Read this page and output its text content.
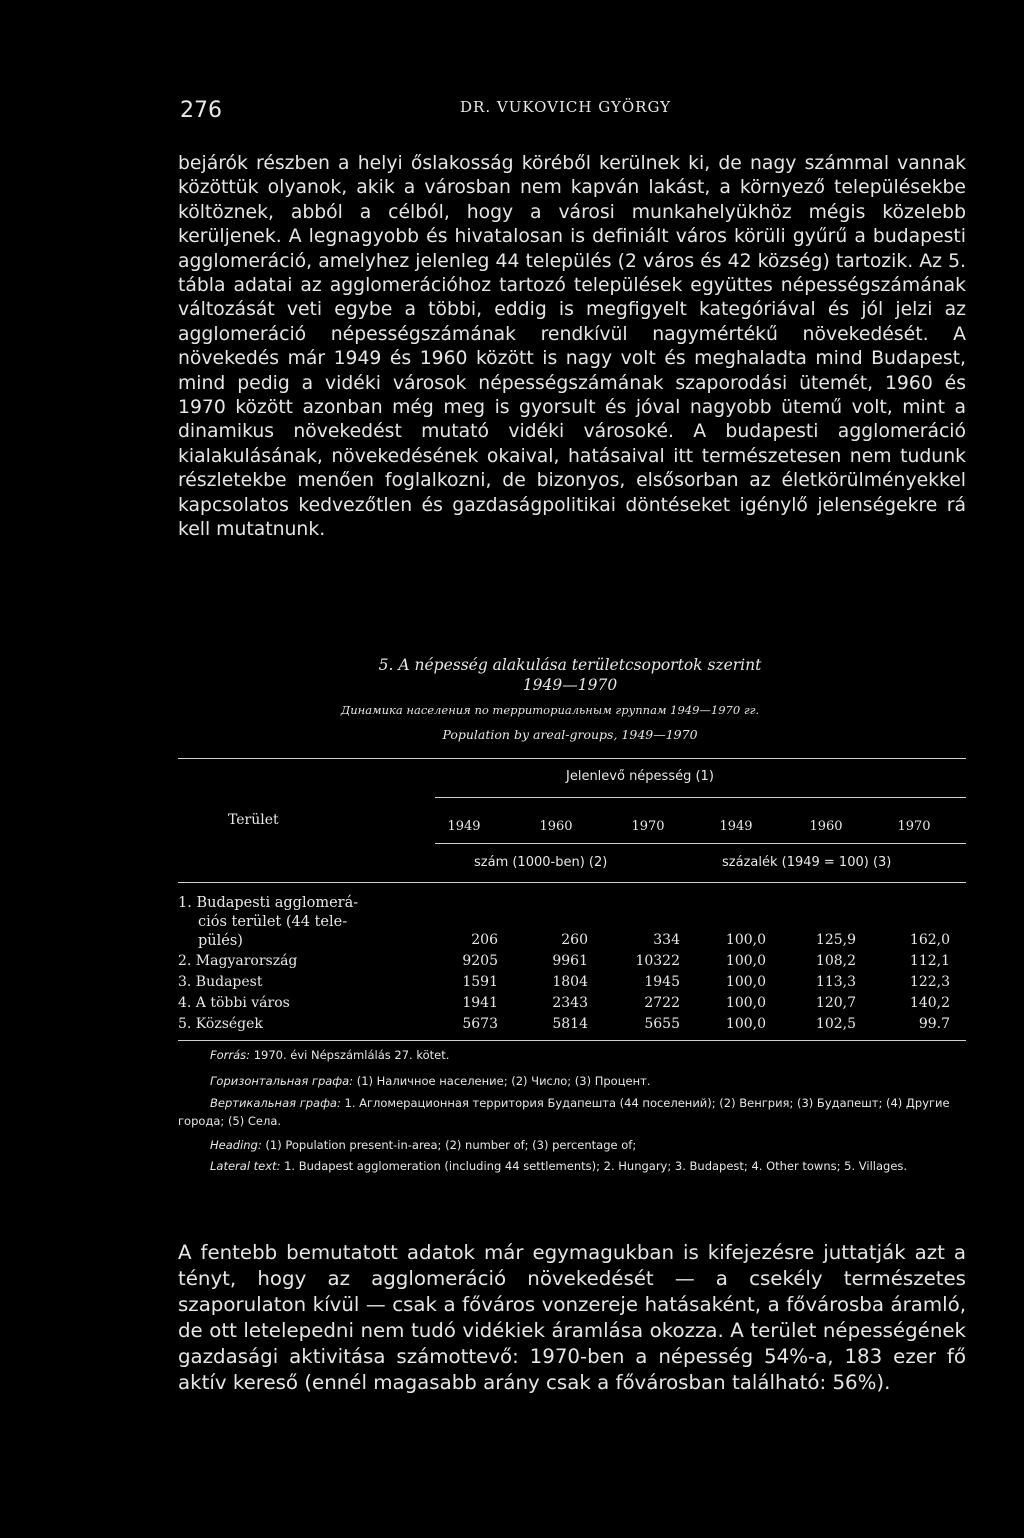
276	DR. VUKOVICH GYÖRGY
bejárók részben a helyi őslakosság köréből kerülnek ki, de nagy számmal vannak közöttük olyanok, akik a városban nem kapván lakást, a környező településekbe költöznek, abból a célból, hogy a városi munkahelyükhöz mégis közelebb kerüljenek. A legnagyobb és hivatalosan is definiált város körüli gyűrű a budapesti agglomeráció, amelyhez jelenleg 44 település (2 város és 42 község) tartozik. Az 5. tábla adatai az agglomerációhoz tartozó települések együttes népességszámának változását veti egybe a többi, eddig is megfigyelt kategóriával és jól jelzi az agglomeráció népességszámának rendkívül nagymértékű növekedését. A növekedés már 1949 és 1960 között is nagy volt és meghaladta mind Budapest, mind pedig a vidéki városok népességszámának szaporodási ütemét, 1960 és 1970 között azonban még meg is gyorsult és jóval nagyobb ütemű volt, mint a dinamikus növekedést mutató vidéki városoké. A budapesti agglomeráció kialakulásának, növekedésének okaival, hatásaival itt természetesen nem tudunk részletekbe menően foglalkozni, de bizonyos, elsősorban az életkörülményekkel kapcsolatos kedvezőtlen és gazdaságpolitikai döntéseket igénylő jelenségekre rá kell mutatnunk.
5. A népesség alakulása területcsoportok szerint
1949—1970
Динамика населения по территориальным группам 1949—1970 гг.
Population by areal-groups, 1949—1970
Jelenlevő népesség (1)
Terület	1949	1960	1970	1949	1960	1970
szám (1000-ben) (2)	százalék (1949 = 100) (3)
1. Budapesti agglomerá-
ciós terület (44 tele-
pülés)	206	260	334	100,0	125,9	162,0
2. Magyarország	9205	9961	10322	100,0	108,2	112,1
3. Budapest	1591	1804	1945	100,0	113,3	122,3
4. A többi város	1941	2343	2722	100,0	120,7	140,2
5. Községek	5673	5814	5655	100,0	102,5	99.7
Forrás: 1970. évi Népszámlálás 27. kötet.
Горизонтальная графа: (1) Наличное население; (2) Число; (3) Процент.
Вертикальная графа: 1. Агломерационная территория Будапешта (44 поселений); (2) Венгрия; (3) Будапешт; (4) Другие города; (5) Села.
Heading: (1) Population present-in-area; (2) number of; (3) percentage of;
Lateral text: 1. Budapest agglomeration (including 44 settlements); 2. Hungary; 3. Budapest; 4. Other towns; 5. Villages.
A fentebb bemutatott adatok már egymagukban is kifejezésre juttatják azt a tényt, hogy az agglomeráció növekedését — a csekély természetes szaporulaton kívül — csak a főváros vonzereje hatásaként, a fővárosba áramló, de ott letelepedni nem tudó vidékiek áramlása okozza. A terület népességének gazdasági aktivitása számottevő: 1970-ben a népesség 54%-a, 183 ezer fő aktív kereső (ennél magasabb arány csak a fővárosban található: 56%).
